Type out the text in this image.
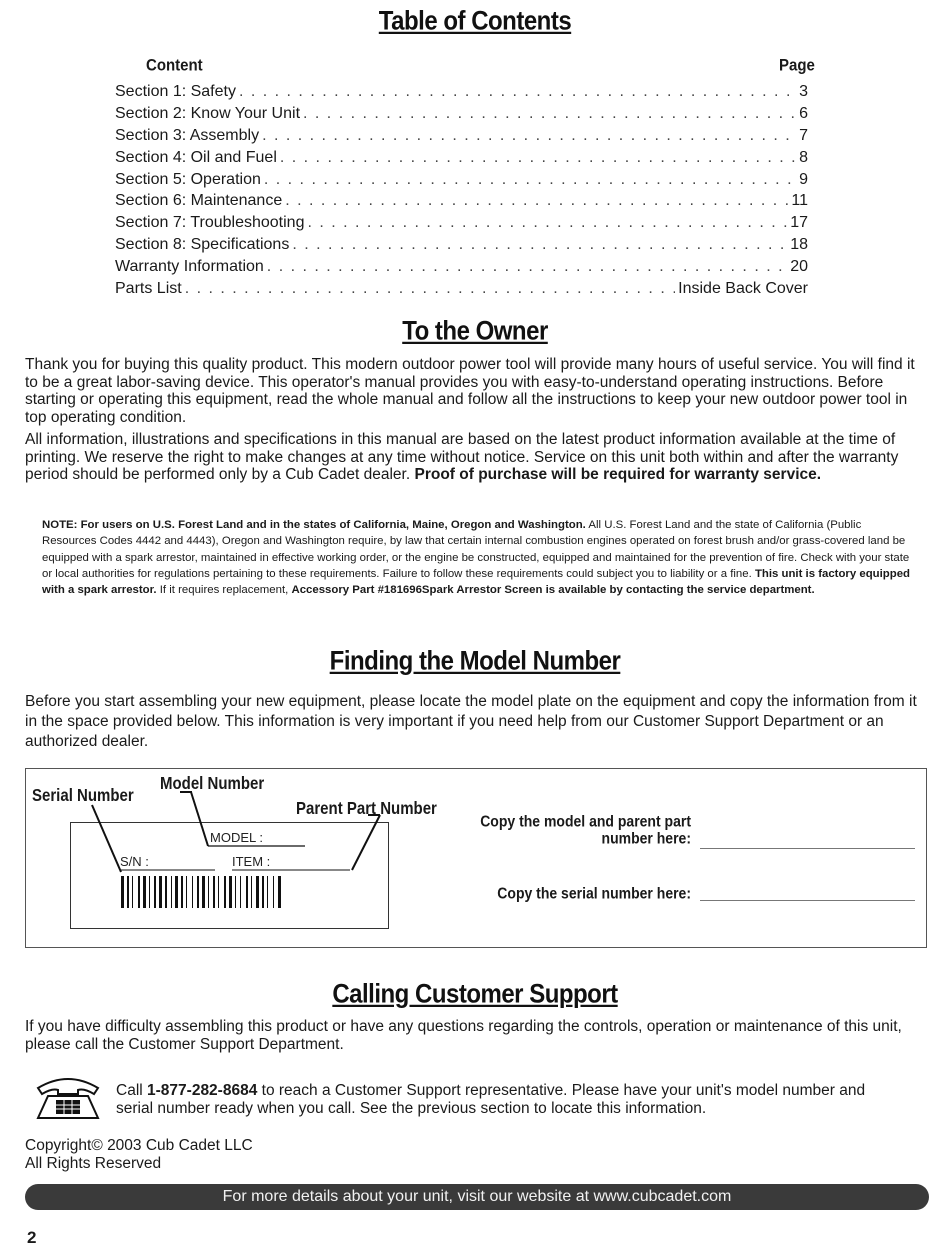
Table of Contents
Content	Page
Section 1: Safety . . .	3
Section 2: Know Your Unit . . .	6
Section 3: Assembly . . .	7
Section 4: Oil and Fuel . . .	8
Section 5: Operation . . .	9
Section 6: Maintenance . . .	11
Section 7: Troubleshooting . . .	17
Section 8: Specifications . . .	18
Warranty Information . . .	20
Parts List . . .	Inside Back Cover
To the Owner

Thank you for buying this quality product. This modern outdoor power tool will provide many hours of useful service. You will find it to be a great labor-saving device. This operator's manual provides you with easy-to-understand operating instructions. Before starting or operating this equipment, read the whole manual and follow all the instructions to keep your new outdoor power tool in top operating condition.

All information, illustrations and specifications in this manual are based on the latest product information available at the time of printing. We reserve the right to make changes at any time without notice. Service on this unit both within and after the warranty period should be performed only by a Cub Cadet dealer. Proof of purchase will be required for warranty service.

NOTE: For users on U.S. Forest Land and in the states of California, Maine, Oregon and Washington. All U.S. Forest Land and the state of California (Public Resources Codes 4442 and 4443), Oregon and Washington require, by law that certain internal combustion engines operated on forest brush and/or grass-covered land be equipped with a spark arrestor, maintained in effective working order, or the engine be constructed, equipped and maintained for the prevention of fire. Check with your state or local authorities for regulations pertaining to these requirements. Failure to follow these requirements could subject you to liability or a fine. This unit is factory equipped with a spark arrestor. If it requires replacement, Accessory Part #181696Spark Arrestor Screen is available by contacting the service department.

Finding the Model Number

Before you start assembling your new equipment, please locate the model plate on the equipment and copy the information from it in the space provided below. This information is very important if you need help from our Customer Support Department or an authorized dealer.

Serial Number
Model Number
Parent Part Number
MODEL :
S/N :	ITEM :
Copy the model and parent part
number here:
Copy the serial number here:
Calling Customer Support

If you have difficulty assembling this product or have any questions regarding the controls, operation or maintenance of this unit, please call the Customer Support Department.

Call 1-877-282-8684 to reach a Customer Support representative. Please have your unit's model number and serial number ready when you call. See the previous section to locate this information.

Copyright© 2003 Cub Cadet LLC

All Rights Reserved

For more details about your unit, visit our website at www.cubcadet.com
2
